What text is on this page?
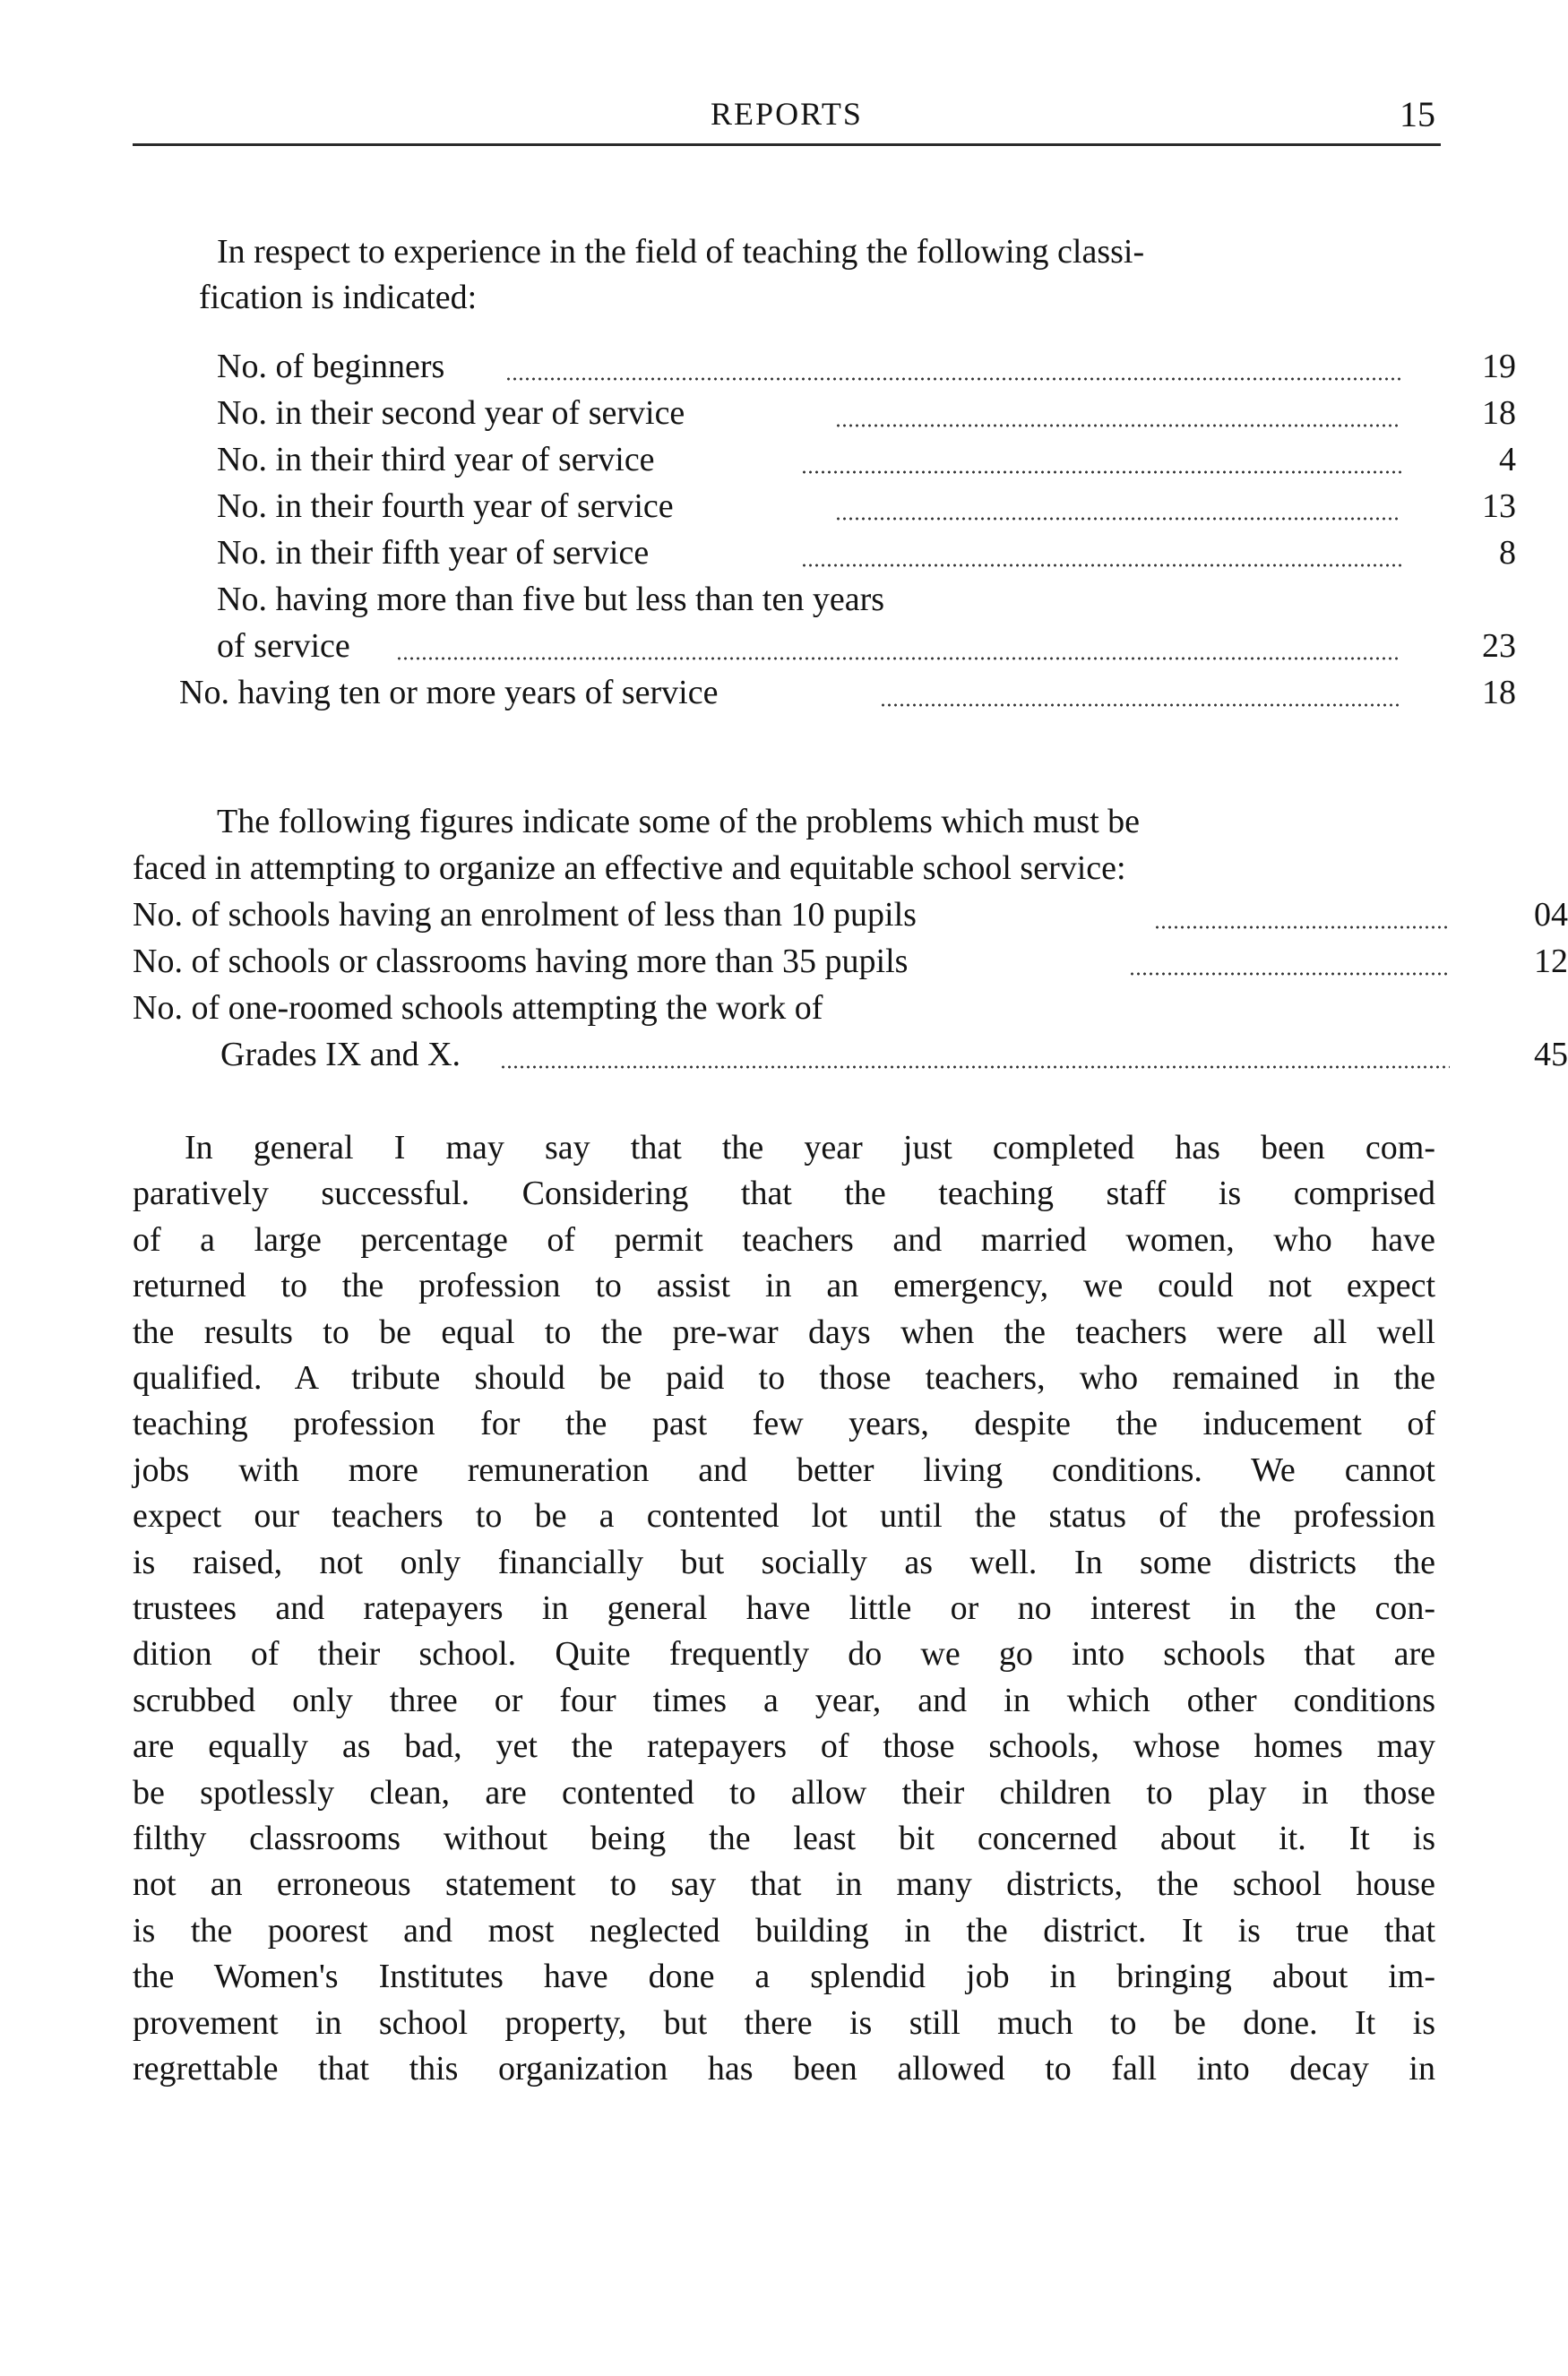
REPORTS	15
In respect to experience in the field of teaching the following classi-
fication is indicated:
No. of beginners	19
No. in their second year of service	18
No. in their third year of service	4
No. in their fourth year of service	13
No. in their fifth year of service	8
No. having more than five but less than ten years
of service	23
No. having ten or more years of service	18
The following figures indicate some of the problems which must be
faced in attempting to organize an effective and equitable school service:
No. of schools having an enrolment of less than 10 pupils	04
No. of schools or classrooms having more than 35 pupils	12
No. of one-roomed schools attempting the work of
Grades IX and X.	45
In general I may say that the year just completed has been com-
paratively successful. Considering that the teaching staff is comprised
of a large percentage of permit teachers and married women, who have
returned to the profession to assist in an emergency, we could not expect
the results to be equal to the pre-war days when the teachers were all well
qualified. A tribute should be paid to those teachers, who remained in the
teaching profession for the past few years, despite the inducement of
jobs with more remuneration and better living conditions. We cannot
expect our teachers to be a contented lot until the status of the profession
is raised, not only financially but socially as well. In some districts the
trustees and ratepayers in general have little or no interest in the con-
dition of their school. Quite frequently do we go into schools that are
scrubbed only three or four times a year, and in which other conditions
are equally as bad, yet the ratepayers of those schools, whose homes may
be spotlessly clean, are contented to allow their children to play in those
filthy classrooms without being the least bit concerned about it. It is
not an erroneous statement to say that in many districts, the school house
is the poorest and most neglected building in the district. It is true that
the Women's Institutes have done a splendid job in bringing about im-
provement in school property, but there is still much to be done. It is
regrettable that this organization has been allowed to fall into decay in
